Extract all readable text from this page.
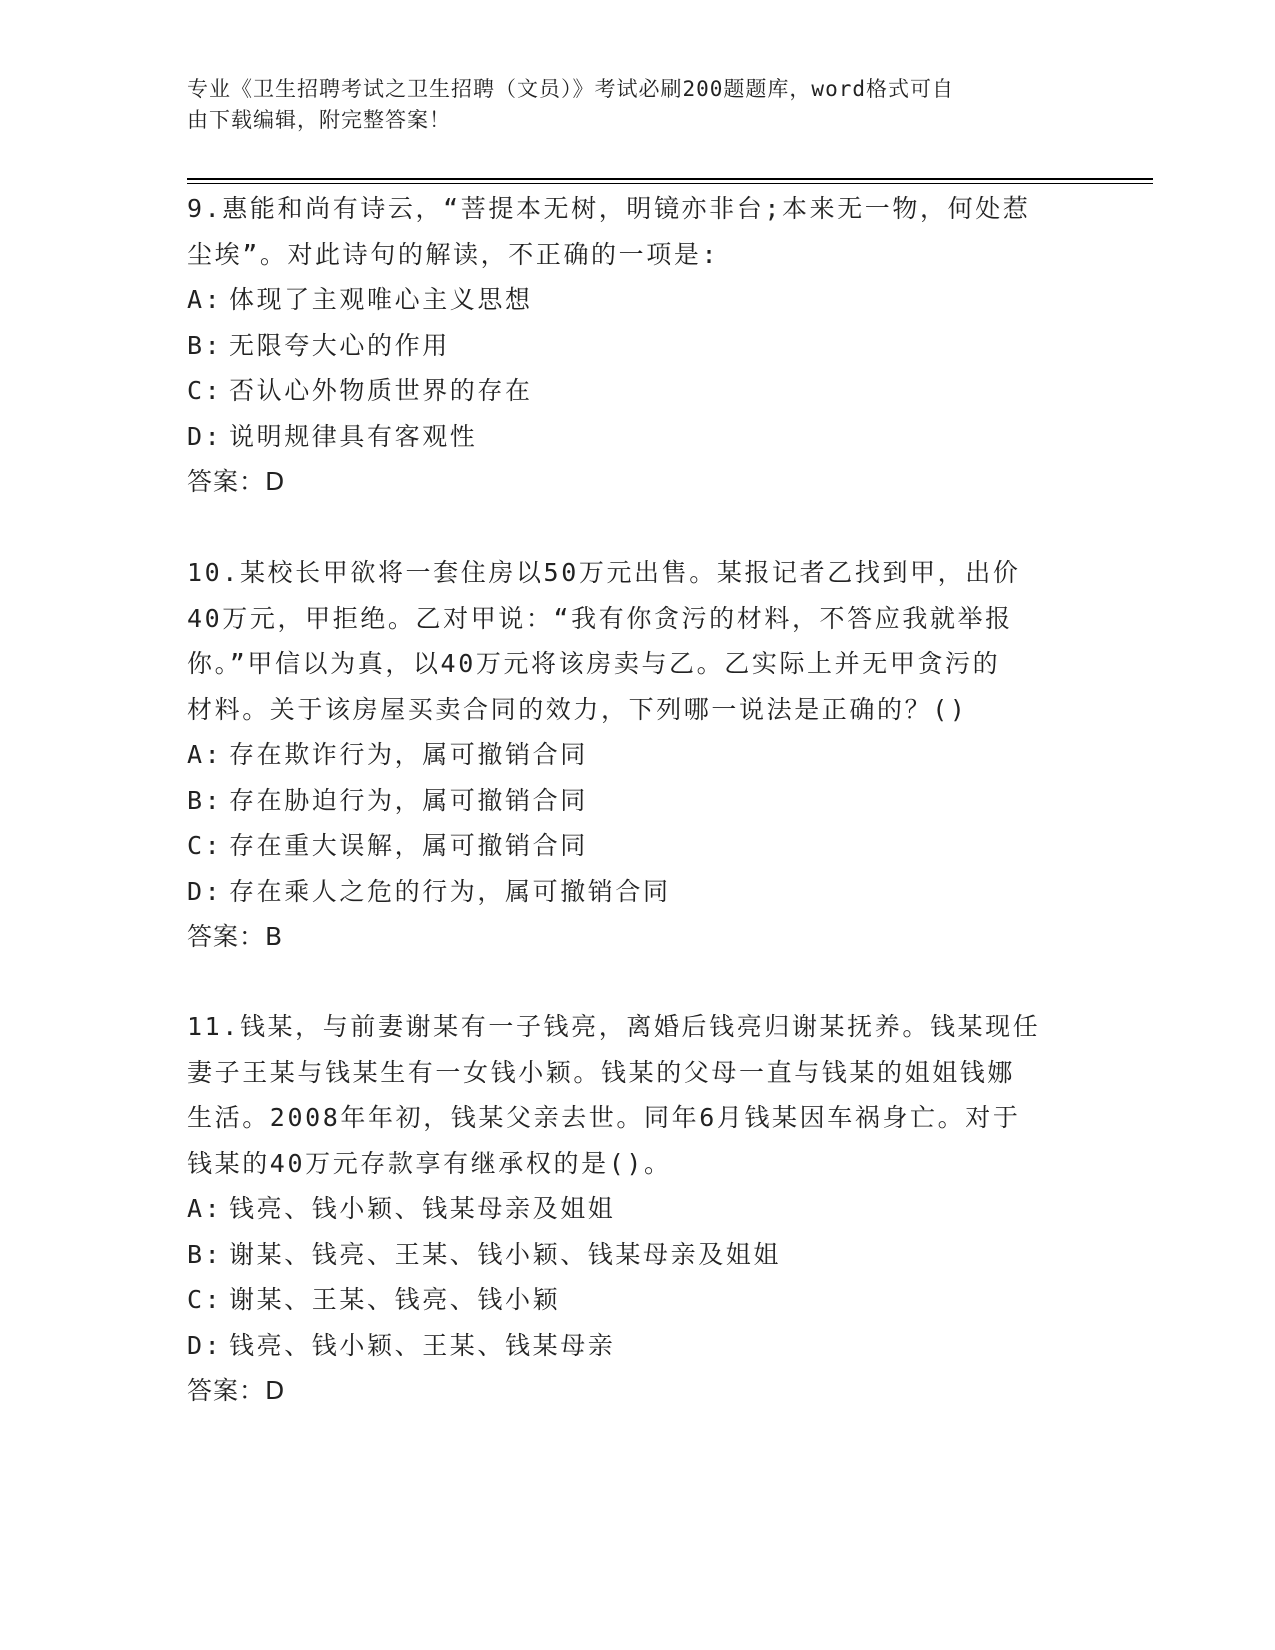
专业《卫生招聘考试之卫生招聘（文员）》考试必刷200题题库，word格式可自
由下载编辑，附完整答案！

9.惠能和尚有诗云，“菩提本无树，明镜亦非台;本来无一物，何处惹

尘埃”。对此诗句的解读，不正确的一项是:

A: 体现了主观唯心主义思想

B: 无限夸大心的作用

C: 否认心外物质世界的存在

D: 说明规律具有客观性

答案：D

10.某校长甲欲将一套住房以50万元出售。某报记者乙找到甲，出价

40万元，甲拒绝。乙对甲说：“我有你贪污的材料，不答应我就举报

你。”甲信以为真，以40万元将该房卖与乙。乙实际上并无甲贪污的

材料。关于该房屋买卖合同的效力，下列哪一说法是正确的？()

A: 存在欺诈行为，属可撤销合同

B: 存在胁迫行为，属可撤销合同

C: 存在重大误解，属可撤销合同

D: 存在乘人之危的行为，属可撤销合同

答案：B

11.钱某，与前妻谢某有一子钱亮，离婚后钱亮归谢某抚养。钱某现任

妻子王某与钱某生有一女钱小颖。钱某的父母一直与钱某的姐姐钱娜

生活。2008年年初，钱某父亲去世。同年6月钱某因车祸身亡。对于

钱某的40万元存款享有继承权的是()。

A: 钱亮、钱小颖、钱某母亲及姐姐

B: 谢某、钱亮、王某、钱小颖、钱某母亲及姐姐

C: 谢某、王某、钱亮、钱小颖

D: 钱亮、钱小颖、王某、钱某母亲

答案：D
